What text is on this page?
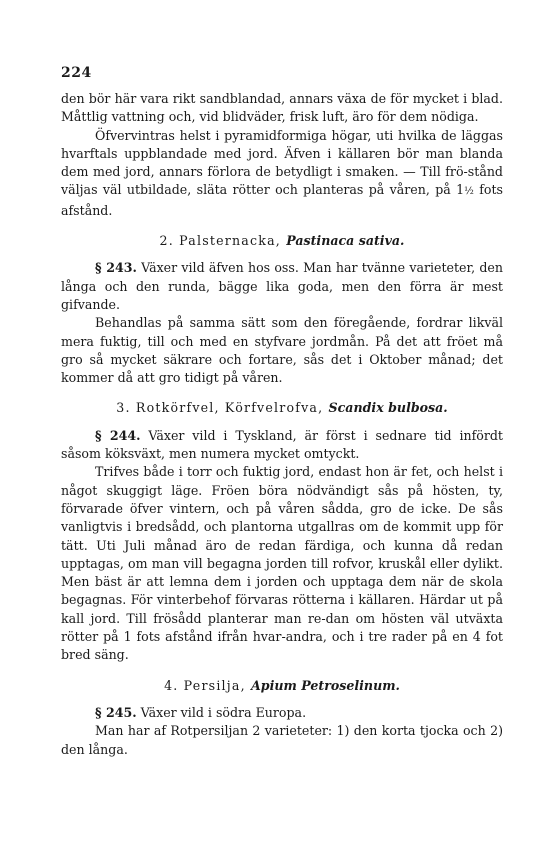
224

den bör här vara rikt sandblandad, annars växa de för mycket i blad. Måttlig vattning och, vid blidväder, frisk luft, äro för dem nödiga.

Öfvervintras helst i pyramidformiga högar, uti hvilka de läggas hvarftals uppblandade med jord. Äfven i källaren bör man blanda dem med jord, annars förlora de betydligt i smaken. — Till frö-stånd väljas väl utbildade, släta rötter och planteras på våren, på 1½ fots afstånd.

2. Palsternacka, Pastinaca sativa.

§ 243. Växer vild äfven hos oss. Man har tvänne varieteter, den långa och den runda, bägge lika goda, men den förra är mest gifvande.

Behandlas på samma sätt som den föregående, fordrar likväl mera fuktig, till och med en styfvare jordmån. På det att fröet må gro så mycket säkrare och fortare, sås det i Oktober månad; det kommer då att gro tidigt på våren.

3. Rotkörfvel, Körfvelrofva, Scandix bulbosa.

§ 244. Växer vild i Tyskland, är först i sednare tid infördt såsom köksväxt, men numera mycket omtyckt.

Trifves både i torr och fuktig jord, endast hon är fet, och helst i något skuggigt läge. Fröen böra nödvändigt sås på hösten, ty, förvarade öfver vintern, och på våren sådda, gro de icke. De sås vanligtvis i bredsådd, och plantorna utgallras om de kommit upp för tätt. Uti Juli månad äro de redan färdiga, och kunna då redan upptagas, om man vill begagna jorden till rofvor, kruskål eller dylikt. Men bäst är att lemna dem i jorden och upptaga dem när de skola begagnas. För vinterbehof förvaras rötterna i källaren. Härdar ut på kall jord. Till frösådd planterar man re-dan om hösten väl utväxta rötter på 1 fots afstånd ifrån hvar-andra, och i tre rader på en 4 fot bred säng.

4. Persilja, Apium Petroselinum.

§ 245. Växer vild i södra Europa.

Man har af Rotpersiljan 2 varieteter: 1) den korta tjocka och 2) den långa.
